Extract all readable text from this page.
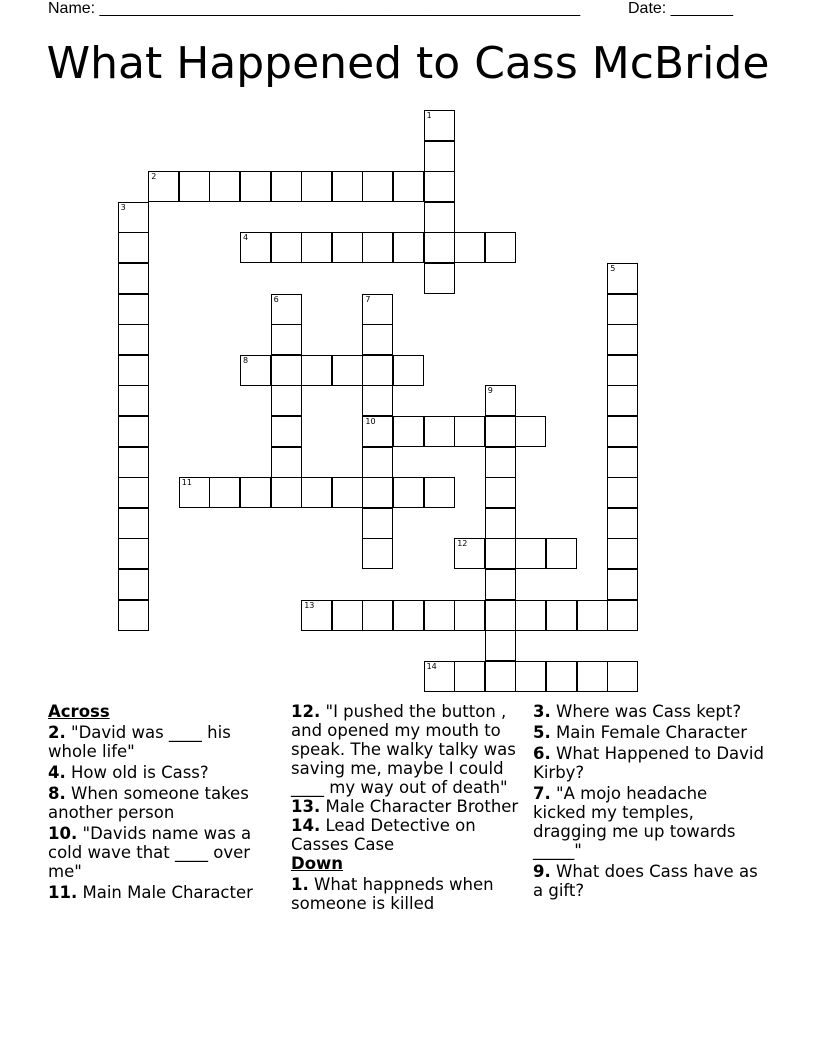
Name: ______________________________________________________	Date: _______
What Happened to Cass McBride
1
2
3
4
5
6	7
10
8
9
11
12
13
14
Across
2. "David was ____ his whole life"
4. How old is Cass?
8. When someone takes another person
10. "Davids name was a cold wave that ____ over me"
11. Main Male Character
12. "I pushed the button , and opened my mouth to speak. The walky talky was saving me, maybe I could ____ my way out of death"
13. Male Character Brother
14. Lead Detective on Casses Case
Down
1. What happneds when someone is killed
3. Where was Cass kept?
5. Main Female Character
6. What Happened to David Kirby?
7. "A mojo headache kicked my temples, dragging me up towards _____"
9. What does Cass have as a gift?
